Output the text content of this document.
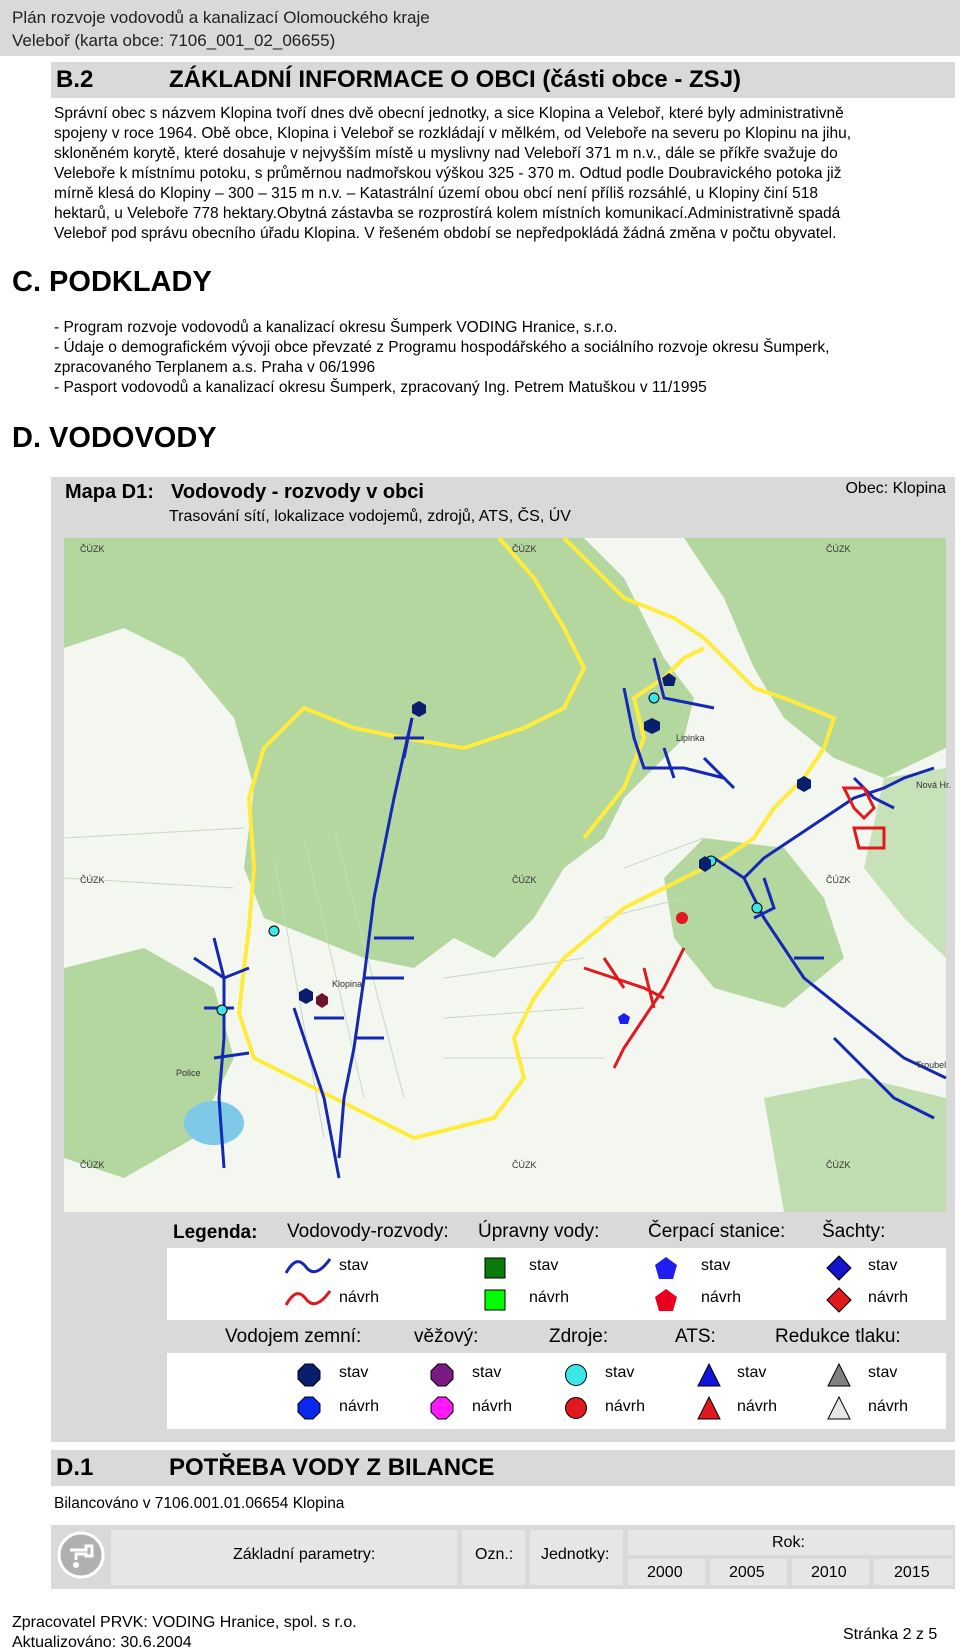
Plán rozvoje vodovodů a kanalizací Olomouckého kraje
Veleboř (karta obce: 7106_001_02_06655)
B.2	ZÁKLADNÍ INFORMACE O OBCI (části obce - ZSJ)
Správní obec s názvem Klopina tvoří dnes dvě obecní jednotky, a sice Klopina a Veleboř, které byly administrativně
spojeny v roce 1964. Obě obce, Klopina i Veleboř se rozkládají v mělkém, od Veleboře na severu po Klopinu na jihu,
skloněném korytě, které dosahuje v nejvyšším místě u myslivny nad Veleboří 371 m n.v., dále se příkře svažuje do
Veleboře k místnímu potoku, s průměrnou nadmořskou výškou 325 - 370 m. Odtud podle Doubravického potoka již
mírně klesá do Klopiny – 300 – 315 m n.v. – Katastrální území obou obcí není příliš rozsáhlé, u Klopiny činí 518
hektarů, u Veleboře 778 hektary.Obytná zástavba se rozprostírá kolem místních komunikací.Administrativně spadá
Veleboř pod správu obecního úřadu Klopina. V řešeném období se nepředpokládá žádná změna v počtu obyvatel.
C. PODKLADY
- Program rozvoje vodovodů a kanalizací okresu Šumperk VODING Hranice, s.r.o.
- Údaje o demografickém vývoji obce převzaté z Programu hospodářského a sociálního rozvoje okresu Šumperk,
zpracovaného Terplanem a.s. Praha v 06/1996
- Pasport vodovodů a kanalizací okresu Šumperk, zpracovaný Ing. Petrem Matuškou v 11/1995
D. VODOVODY
Mapa D1: Vodovody - rozvody v obci
Trasování sítí, lokalizace vodojemů, zdrojů, ATS, ČS, ÚV
Obec: Klopina
ČÚZK	ČÚZK	ČÚZK
ČÚZK	ČÚZK	ČÚZK
ČÚZK	ČÚZK	ČÚZK
Klopina
Lipinka
Nová Hr.
Troubel
Police
Legenda: Vodovody-rozvody: Úpravny vody:	Čerpací stanice: Šachty:
stav
návrh
stav
návrh
stav
návrh
stav
návrh
Vodojem zemní:	věžový:	Zdroje:	ATS:	Redukce tlaku:
stav
návrh
stav
návrh
stav
návrh
stav
návrh
stav
návrh
D.1	POTŘEBA VODY Z BILANCE
Bilancováno v 7106.001.01.06654 Klopina
Základní parametry:	Ozn.: Jednotky:
Rok:
2000	2005	2010	2015
Zpracovatel PRVK: VODING Hranice, spol. s r.o.
Aktualizováno: 30.6.2004	Stránka 2 z 5
